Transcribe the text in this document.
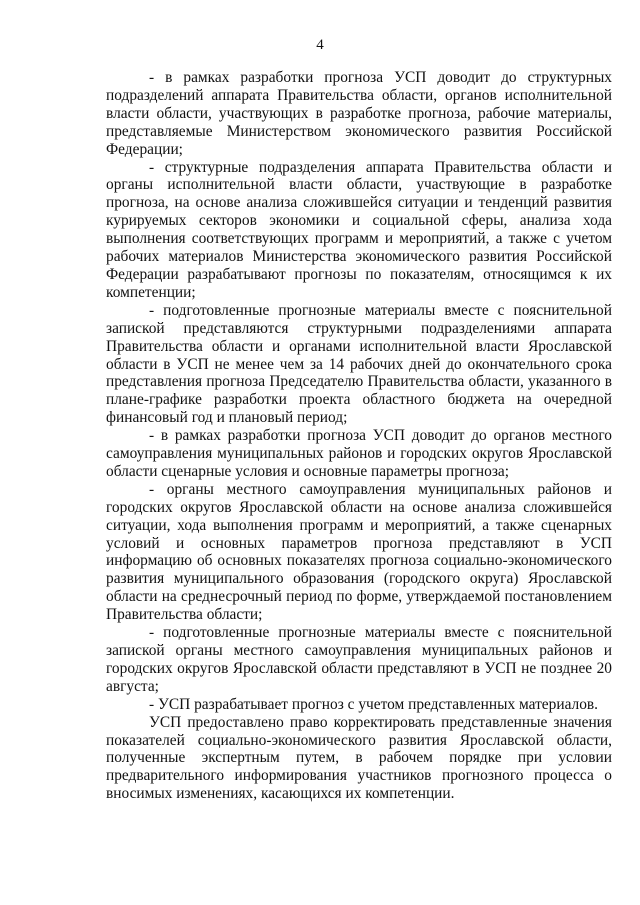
4

- в рамках разработки прогноза УСП доводит до структурных подразделений аппарата Правительства области, органов исполнительной власти области, участвующих в разработке прогноза, рабочие материалы, представляемые Министерством экономического развития Российской Федерации;

- структурные подразделения аппарата Правительства области и органы исполнительной власти области, участвующие в разработке прогноза, на основе анализа сложившейся ситуации и тенденций развития курируемых секторов экономики и социальной сферы, анализа хода выполнения соответствующих программ и мероприятий, а также с учетом рабочих материалов Министерства экономического развития Российской Федерации разрабатывают прогнозы по показателям, относящимся к их компетенции;

- подготовленные прогнозные материалы вместе с пояснительной запиской представляются структурными подразделениями аппарата Правительства области и органами исполнительной власти Ярославской области в УСП не менее чем за 14 рабочих дней до окончательного срока представления прогноза Председателю Правительства области, указанного в плане-графике разработки проекта областного бюджета на очередной финансовый год и плановый период;

- в рамках разработки прогноза УСП доводит до органов местного самоуправления муниципальных районов и городских округов Ярославской области сценарные условия и основные параметры прогноза;

- органы местного самоуправления муниципальных районов и городских округов Ярославской области на основе анализа сложившейся ситуации, хода выполнения программ и мероприятий, а также сценарных условий и основных параметров прогноза представляют в УСП информацию об основных показателях прогноза социально-экономического развития муниципального образования (городского округа) Ярославской области на среднесрочный период по форме, утверждаемой постановлением Правительства области;

- подготовленные прогнозные материалы вместе с пояснительной запиской органы местного самоуправления муниципальных районов и городских округов Ярославской области представляют в УСП не позднее 20 августа;

- УСП разрабатывает прогноз с учетом представленных материалов.

УСП предоставлено право корректировать представленные значения показателей социально-экономического развития Ярославской области, полученные экспертным путем, в рабочем порядке при условии предварительного информирования участников прогнозного процесса о вносимых изменениях, касающихся их компетенции.
